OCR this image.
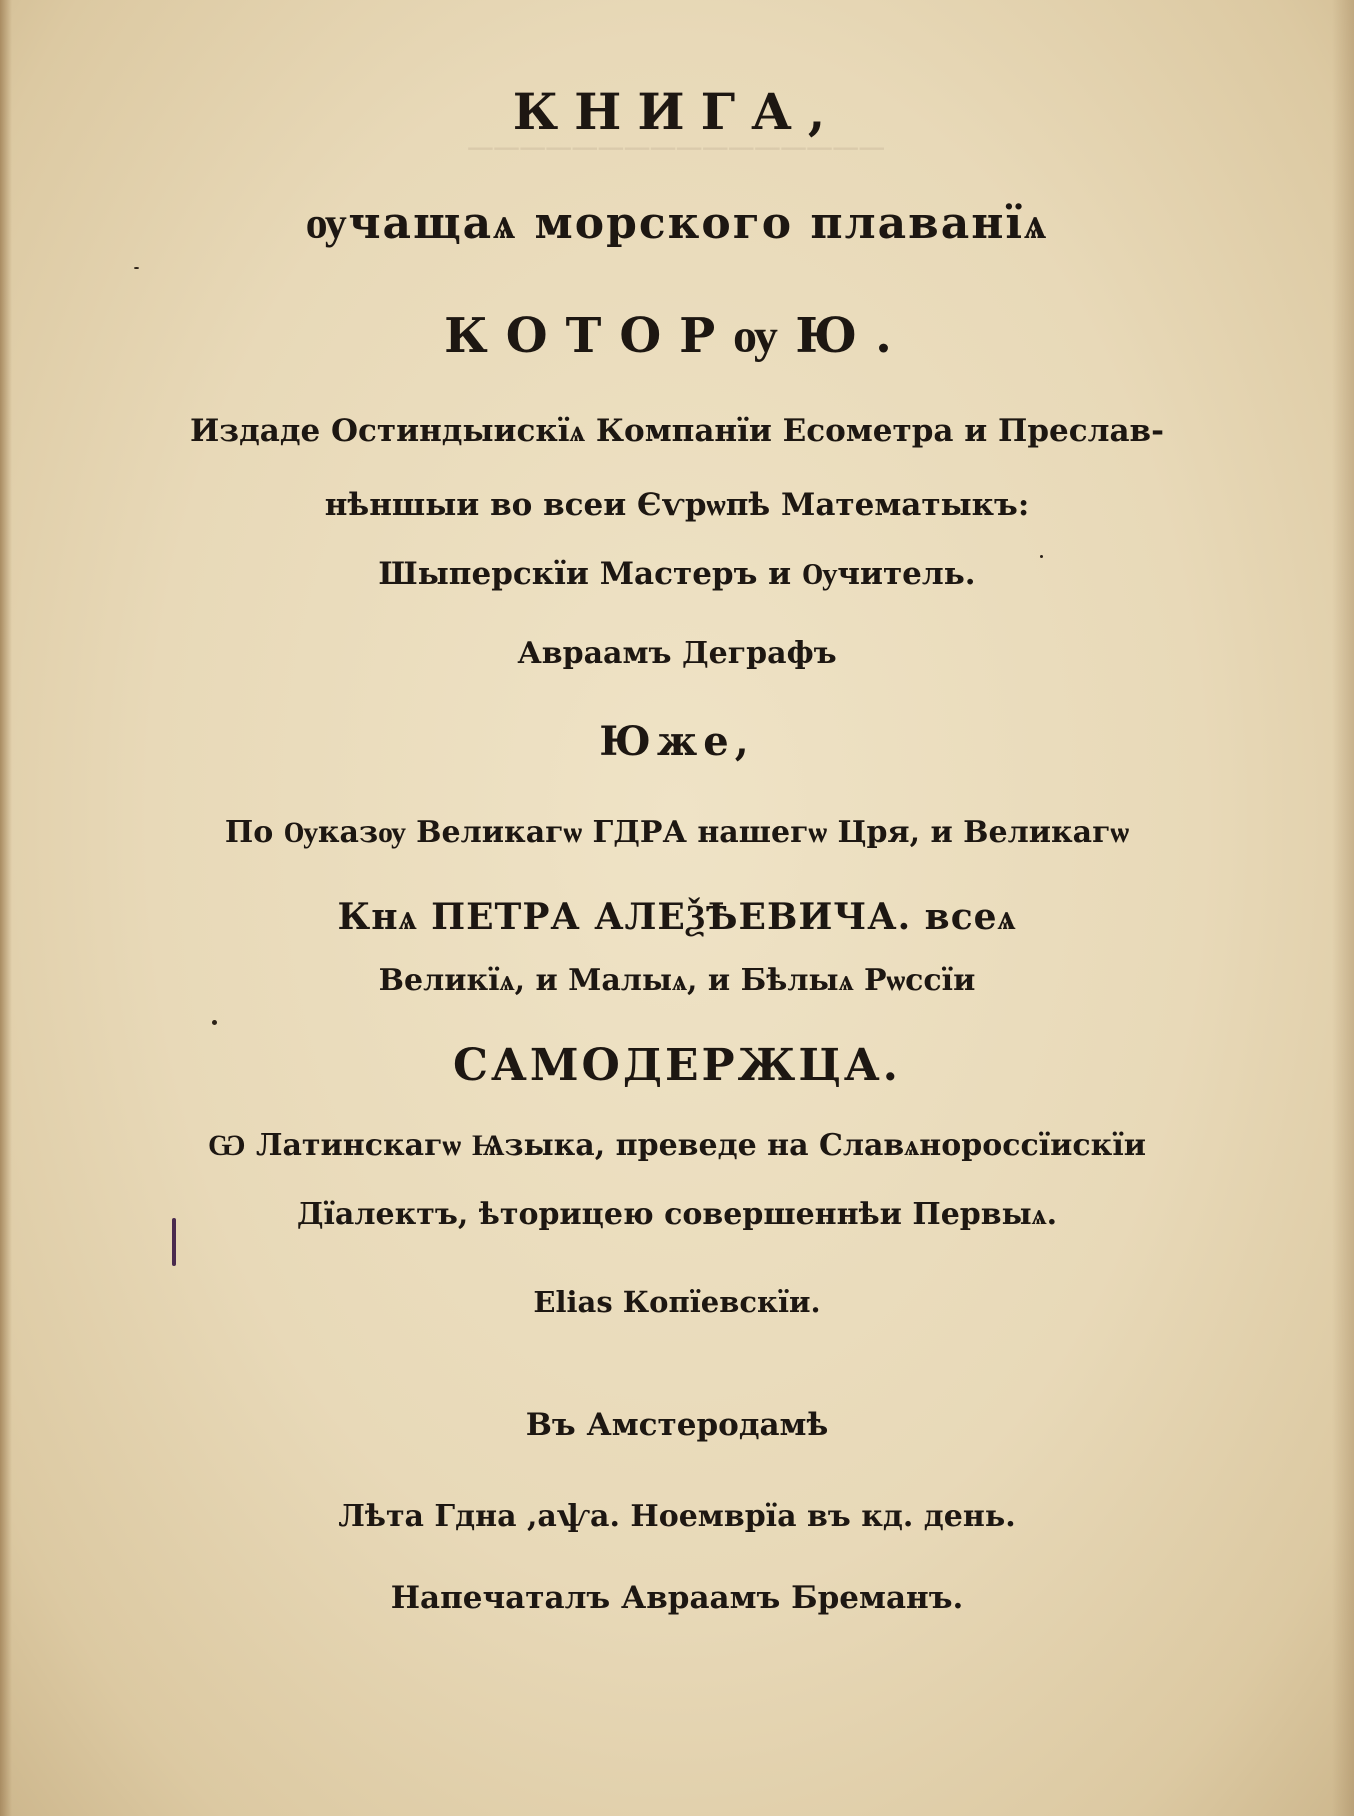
────────────────
КНИГА,
ѹчащаѧ морского плаванїѧ
КОТОРѹЮ.
Издаде Остиндыискїѧ Компанїи Есометра и Преслав-
нѣншыи во всеи Єѵрѡпѣ Математыкъ:
Шыперскїи Мастеръ и Ѹчитель.
Авраамъ Деграфъ
Юже,
По Ѹказѹ Великагѡ ГДРА нашегѡ Цря, и Великагѡ
Кнѧ ПЕТРА АЛЕѮѢЕВИЧА. всеѧ
Великїѧ, и Малыѧ, и Бѣлыѧ Рѡссїи
САМОДЕРЖЦА.
Ѡ Латинскагѡ Ѩзыка, преведе на Славѧнороссїискїи
Дїалектъ, ѣторицею совершеннѣи Первыѧ.
Elias Копїевскїи.
Въ Амстеродамѣ
Лѣта Гдна ,аѱа. Ноемврїа въ кд. день.
Напечаталъ Авраамъ Бреманъ.
